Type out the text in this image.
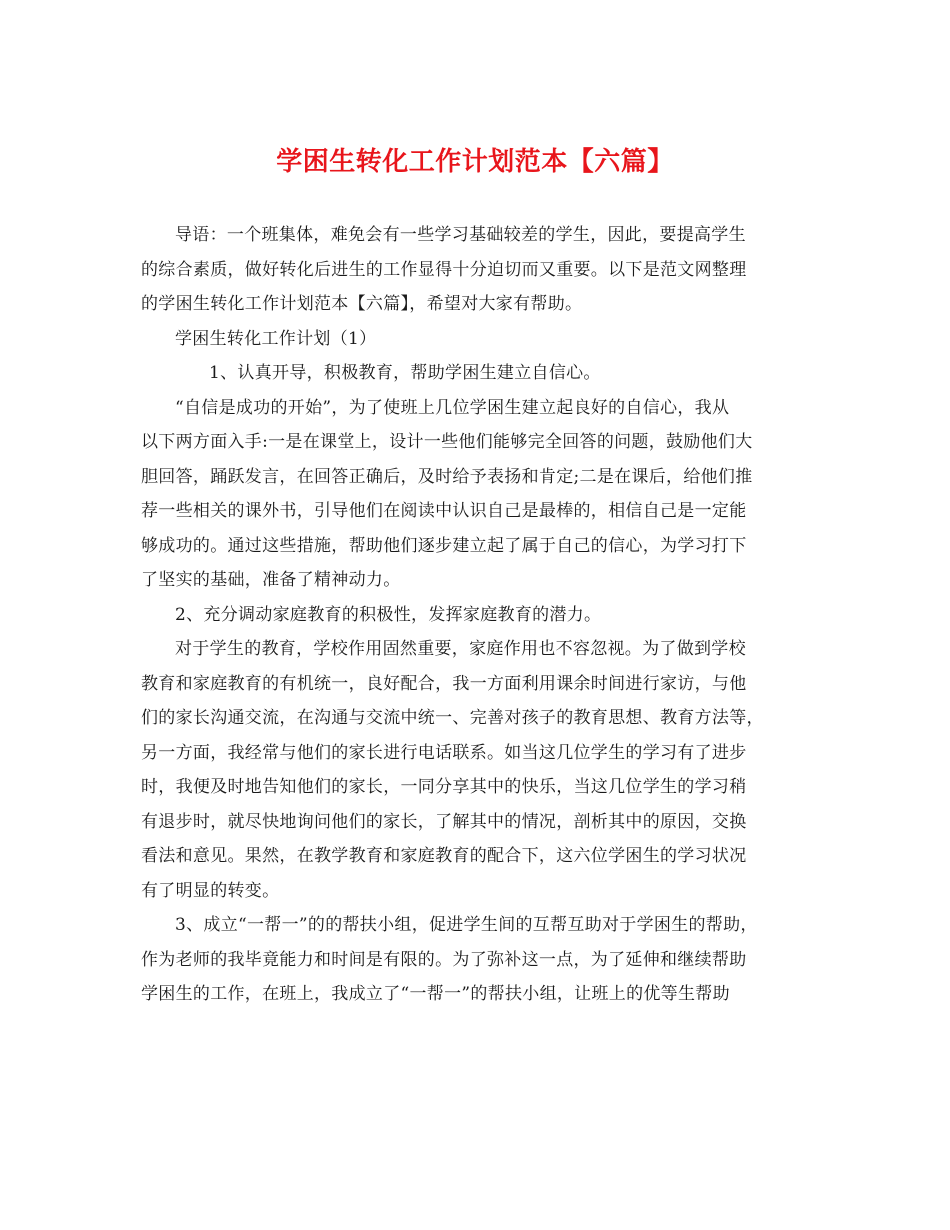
学困生转化工作计划范本【六篇】
导语：一个班集体，难免会有一些学习基础较差的学生，因此，要提高学生
的综合素质，做好转化后进生的工作显得十分迫切而又重要。以下是范文网整理
的学困生转化工作计划范本【六篇】，希望对大家有帮助。
学困生转化工作计划（1）
1、认真开导，积极教育，帮助学困生建立自信心。
“自信是成功的开始”，为了使班上几位学困生建立起良好的自信心，我从
以下两方面入手:一是在课堂上，设计一些他们能够完全回答的问题，鼓励他们大
胆回答，踊跃发言，在回答正确后，及时给予表扬和肯定;二是在课后，给他们推
荐一些相关的课外书，引导他们在阅读中认识自己是最棒的，相信自己是一定能
够成功的。通过这些措施，帮助他们逐步建立起了属于自己的信心，为学习打下
了坚实的基础，准备了精神动力。
2、充分调动家庭教育的积极性，发挥家庭教育的潜力。
对于学生的教育，学校作用固然重要，家庭作用也不容忽视。为了做到学校
教育和家庭教育的有机统一，良好配合，我一方面利用课余时间进行家访，与他
们的家长沟通交流，在沟通与交流中统一、完善对孩子的教育思想、教育方法等，
另一方面，我经常与他们的家长进行电话联系。如当这几位学生的学习有了进步
时，我便及时地告知他们的家长，一同分享其中的快乐，当这几位学生的学习稍
有退步时，就尽快地询问他们的家长，了解其中的情况，剖析其中的原因，交换
看法和意见。果然，在教学教育和家庭教育的配合下，这六位学困生的学习状况
有了明显的转变。
3、成立“一帮一”的的帮扶小组，促进学生间的互帮互助对于学困生的帮助，
作为老师的我毕竟能力和时间是有限的。为了弥补这一点，为了延伸和继续帮助
学困生的工作，在班上，我成立了“一帮一”的帮扶小组，让班上的优等生帮助
